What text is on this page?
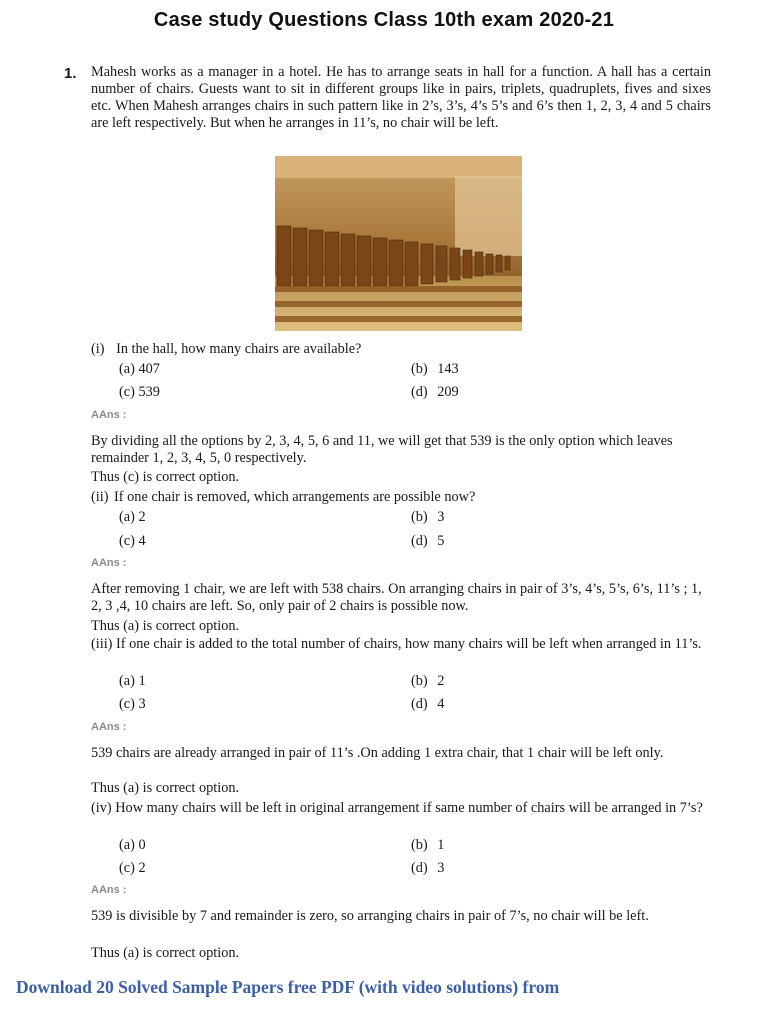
Case study Questions Class 10th exam 2020-21
1. Mahesh works as a manager in a hotel. He has to arrange seats in hall for a function. A hall has a certain number of chairs. Guests want to sit in different groups like in pairs, triplets, quadruplets, fives and sixes etc. When Mahesh arranges chairs in such pattern like in 2’s, 3’s, 4’s 5’s and 6’s then 1, 2, 3, 4 and 5 chairs are left respectively. But when he arranges in 11’s, no chair will be left.
(i) In the hall, how many chairs are available?
(a) 407	(b) 143
(c) 539	(d) 209
AAns :
By dividing all the options by 2, 3, 4, 5, 6 and 11, we will get that 539 is the only option which leaves remainder 1, 2, 3, 4, 5, 0 respectively.
Thus (c) is correct option.
(ii) If one chair is removed, which arrangements are possible now?
(a) 2	(b) 3
(c) 4	(d) 5
AAns :
After removing 1 chair, we are left with 538 chairs. On arranging chairs in pair of 3’s, 4’s, 5’s, 6’s, 11’s ; 1, 2, 3 ,4, 10 chairs are left. So, only pair of 2 chairs is possible now.
Thus (a) is correct option.
(iii) If one chair is added to the total number of chairs, how many chairs will be left when arranged in 11’s.
(a) 1	(b) 2
(c) 3	(d) 4
AAns :
539 chairs are already arranged in pair of 11’s .On adding 1 extra chair, that 1 chair will be left only.
Thus (a) is correct option.
(iv) How many chairs will be left in original arrangement if same number of chairs will be arranged in 7’s?
(a) 0	(b) 1
(c) 2	(d) 3
AAns :
539 is divisible by 7 and remainder is zero, so arranging chairs in pair of 7’s, no chair will be left.
Thus (a) is correct option.
Download 20 Solved Sample Papers free PDF (with video solutions) from
